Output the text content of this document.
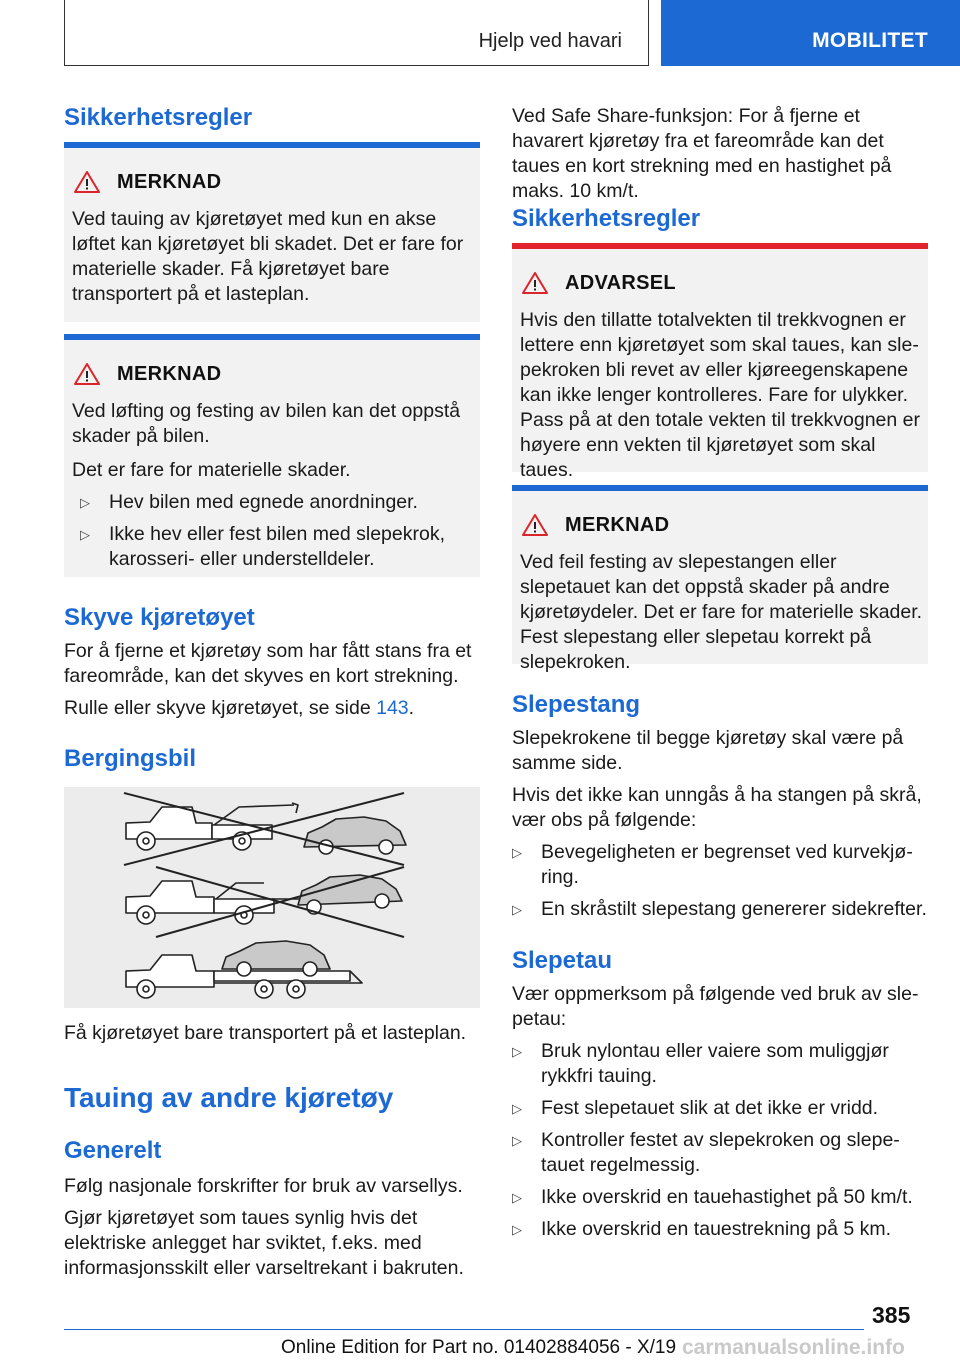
Hjelp ved havari	MOBILITET
Sikkerhetsregler
MERKNAD

Ved tauing av kjøretøyet med kun en akse løftet kan kjøretøyet bli skadet. Det er fare for materielle skader. Få kjøretøyet bare transportert på et lasteplan.

MERKNAD

Ved løfting og festing av bilen kan det oppstå skader på bilen.

Det er fare for materielle skader.

▷ Hev bilen med egnede anordninger.
▷ Ikke hev eller fest bilen med slepekrok, karosseri- eller understelldeler.
Skyve kjøretøyet

For å fjerne et kjøretøy som har fått stans fra et fareområde, kan det skyves en kort strekning.

Rulle eller skyve kjøretøyet, se side 143.

Bergingsbil

Få kjøretøyet bare transportert på et lasteplan.

Tauing av andre kjøretøy
Generelt

Følg nasjonale forskrifter for bruk av varsellys.

Gjør kjøretøyet som taues synlig hvis det elektriske anlegget har sviktet, f.eks. med informasjonsskilt eller varseltrekant i bakruten.

Ved Safe Share-funksjon: For å fjerne et havarert kjøretøy fra et fareområde kan det taues en kort strekning med en hastighet på maks. 10 km/t.

Sikkerhetsregler
ADVARSEL

Hvis den tillatte totalvekten til trekkvognen er lettere enn kjøretøyet som skal taues, kan slepekroken bli revet av eller kjøreegenskapene kan ikke lenger kontrolleres. Fare for ulykker. Pass på at den totale vekten til trekkvognen er høyere enn vekten til kjøretøyet som skal taues.

MERKNAD

Ved feil festing av slepestangen eller slepetauet kan det oppstå skader på andre kjøretøydeler. Det er fare for materielle skader. Fest slepestang eller slepetau korrekt på slepekroken.

Slepestang

Slepekrokene til begge kjøretøy skal være på samme side.

Hvis det ikke kan unngås å ha stangen på skrå, vær obs på følgende:

▷ Bevegeligheten er begrenset ved kurvekjøring.
▷ En skråstilt slepestang genererer sidekrefter.
Slepetau

Vær oppmerksom på følgende ved bruk av slepetau:

▷ Bruk nylontau eller vaiere som muliggjør rykkfri tauing.
▷ Fest slepetauet slik at det ikke er vridd.
▷ Kontroller festet av slepekroken og slepetauet regelmessig.
▷ Ikke overskrid en tauehastighet på 50 km/t.
▷ Ikke overskrid en tauestrekning på 5 km.
385
Online Edition for Part no. 01402884056 - X/19 carmanualsonline.info
